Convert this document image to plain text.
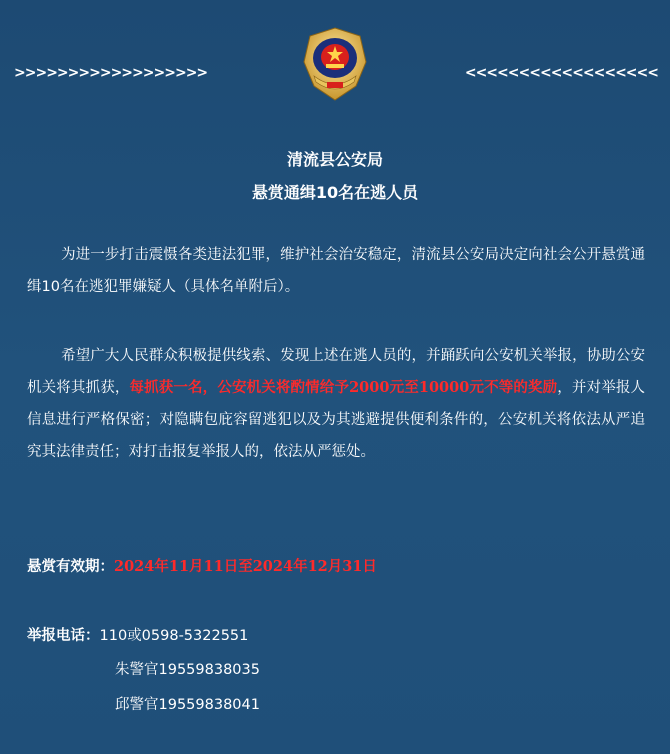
>>>>>>>>>>>>>>>>>>	<<<<<<<<<<<<<<<<<<
清流县公安局
悬赏通缉10名在逃人员
为进一步打击震慑各类违法犯罪，维护社会治安稳定，清流县公安局决定向社会公开悬赏通缉10名在逃犯罪嫌疑人（具体名单附后）。
希望广大人民群众积极提供线索、发现上述在逃人员的，并踊跃向公安机关举报，协助公安机关将其抓获，每抓获一名，公安机关将酌情给予2000元至10000元不等的奖励，并对举报人信息进行严格保密；对隐瞒包庇容留逃犯以及为其逃避提供便利条件的，公安机关将依法从严追究其法律责任；对打击报复举报人的，依法从严惩处。
悬赏有效期：2024年11月11日至2024年12月31日
举报电话：110或0598-5322551
朱警官19559838035
邱警官19559838041
